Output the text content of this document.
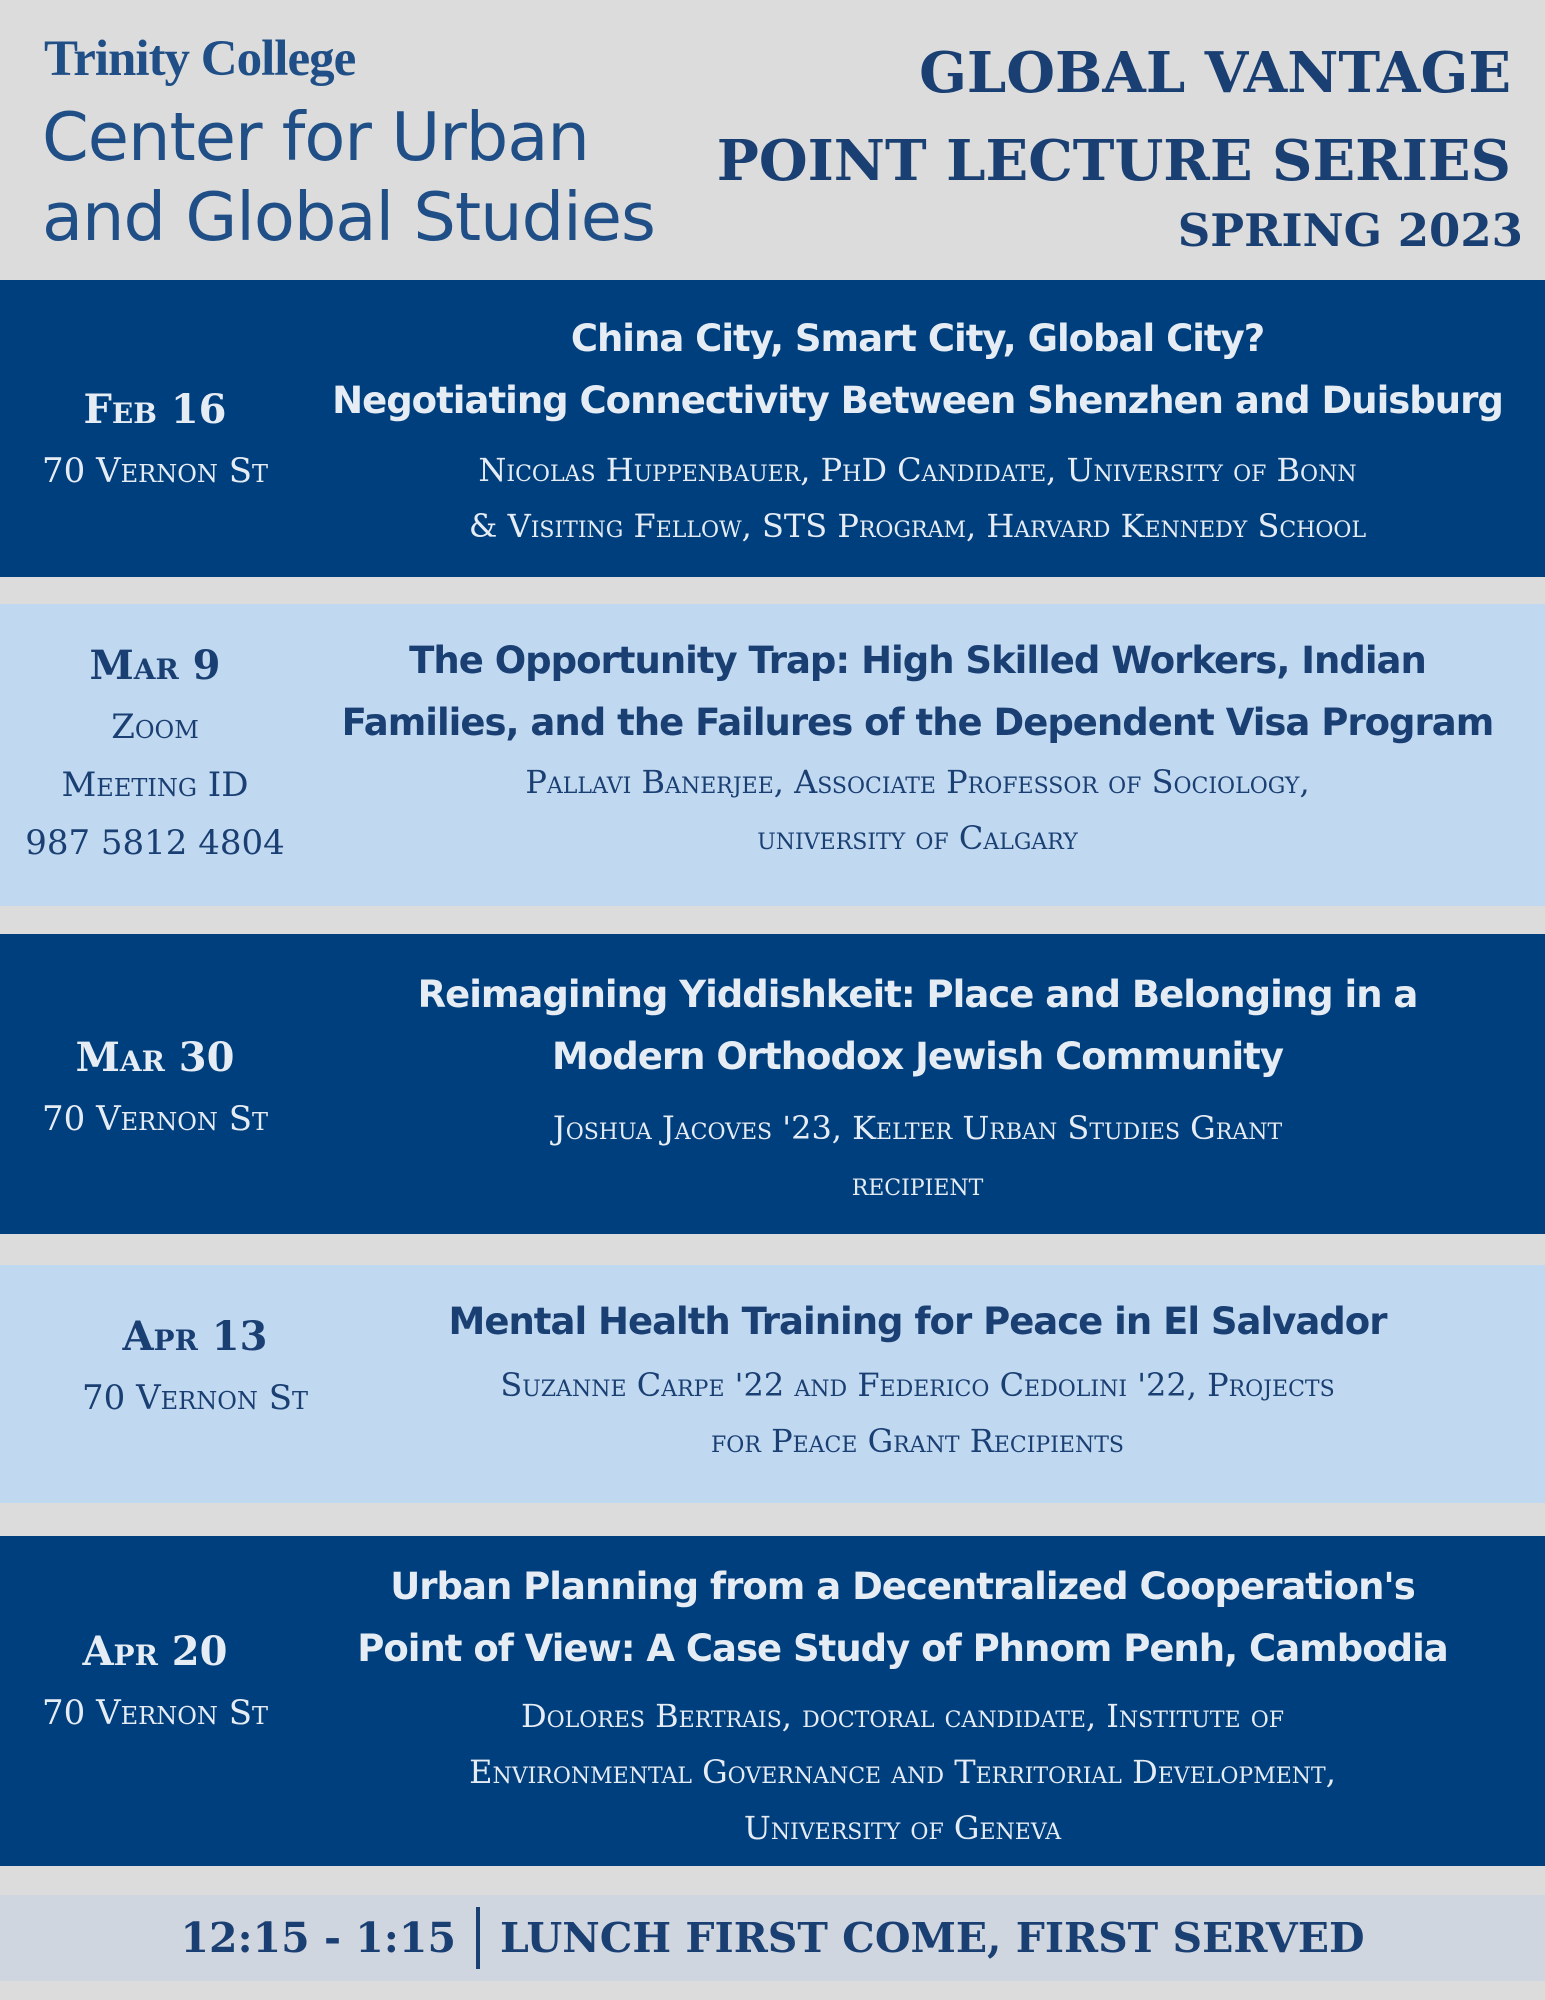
Trinity College
Center for Urban
and Global Studies
GLOBAL VANTAGE
POINT LECTURE SERIES
SPRING 2023
Feb 16
70 Vernon St
China City, Smart City, Global City?
Negotiating Connectivity Between Shenzhen and Duisburg
Nicolas Huppenbauer, PhD Candidate, University of Bonn
& Visiting Fellow, STS Program, Harvard Kennedy School
Mar 9
Zoom
Meeting ID
987 5812 4804
The Opportunity Trap: High Skilled Workers, Indian
Families, and the Failures of the Dependent Visa Program
Pallavi Banerjee, Associate Professor of Sociology,
university of Calgary
Mar 30
70 Vernon St
Reimagining Yiddishkeit: Place and Belonging in a
Modern Orthodox Jewish Community
Joshua Jacoves '23, Kelter Urban Studies Grant
recipient
Apr 13
70 Vernon St
Mental Health Training for Peace in El Salvador
Suzanne Carpe '22 and Federico Cedolini '22, Projects
for Peace Grant Recipients
Apr 20
70 Vernon St
Urban Planning from a Decentralized Cooperation's
Point of View: A Case Study of Phnom Penh, Cambodia
Dolores Bertrais, doctoral candidate, Institute of
Environmental Governance and Territorial Development,
University of Geneva
12:15 - 1:15 LUNCH FIRST COME, FIRST SERVED
